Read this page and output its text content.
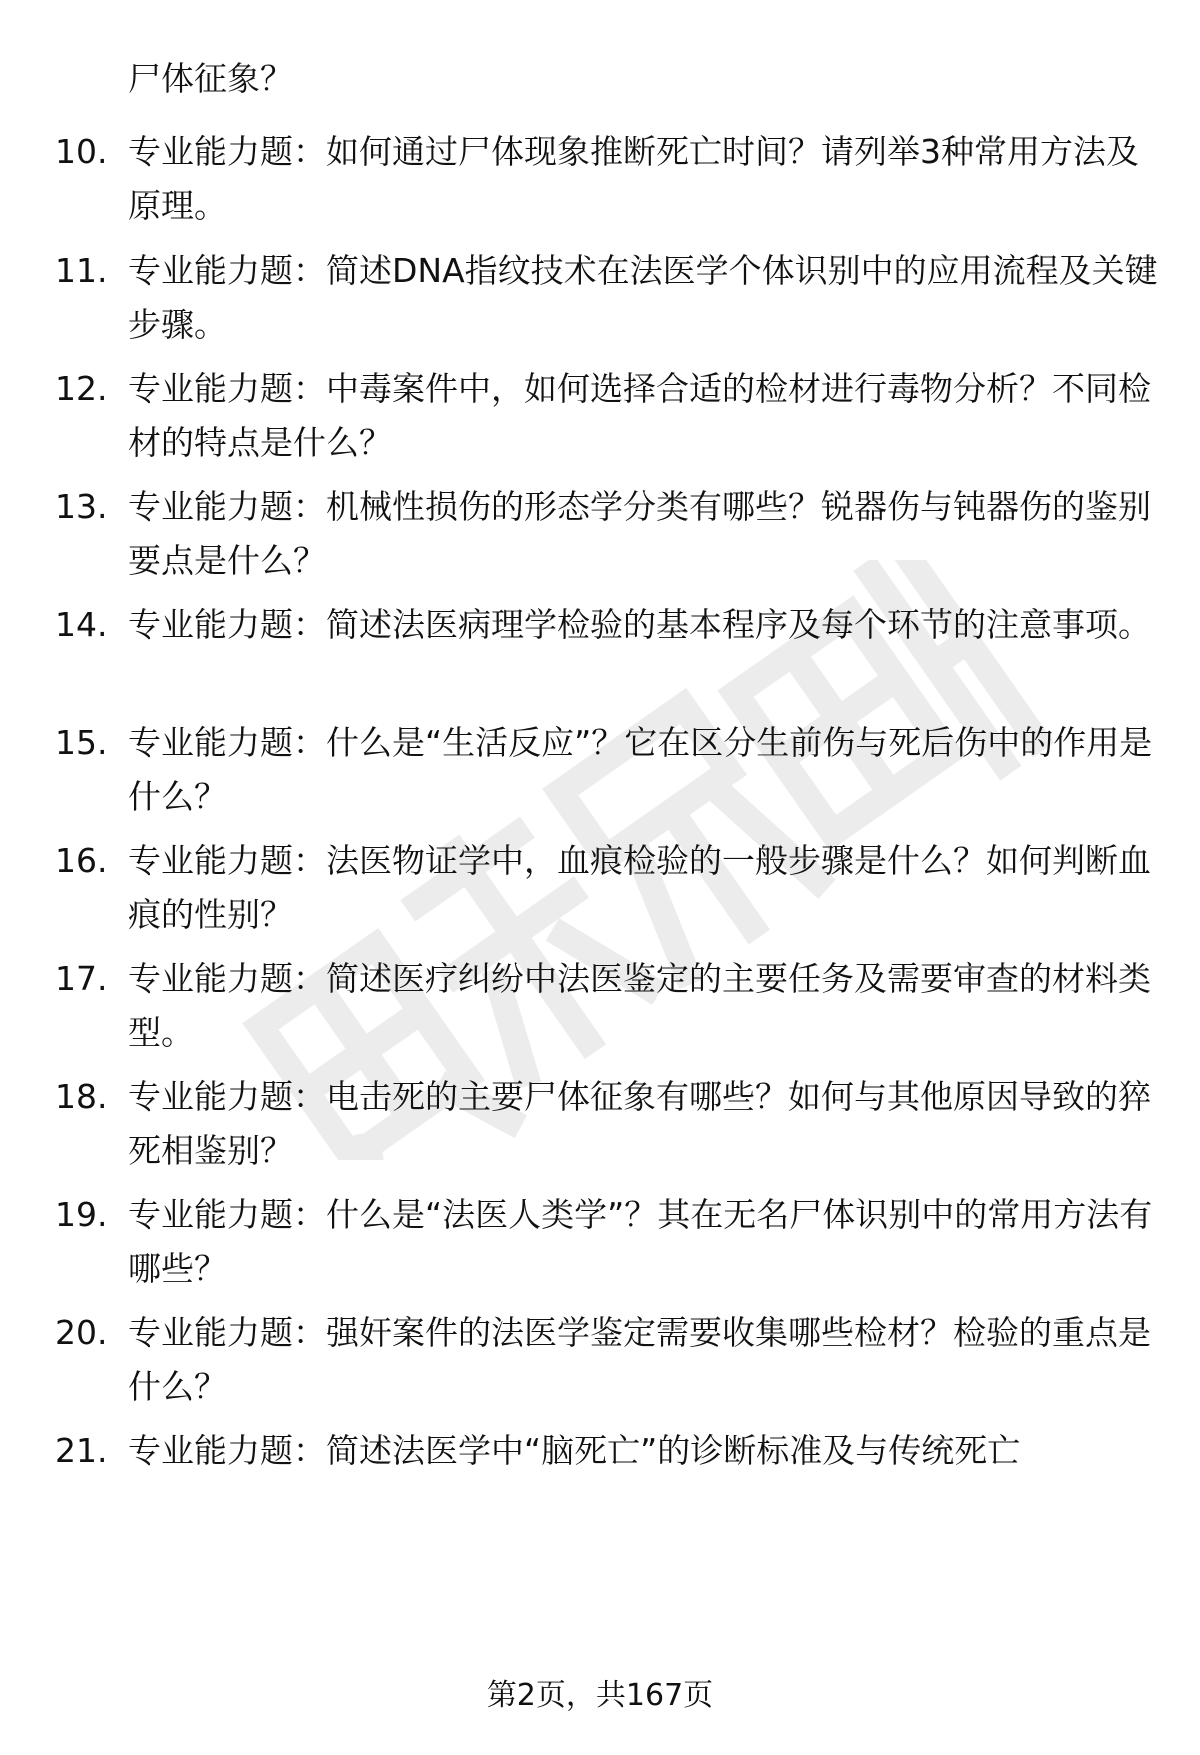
尸体征象？
10. 专业能力题：如何通过尸体现象推断死亡时间？请列举3种常用方法及原理。
11. 专业能力题：简述DNA指纹技术在法医学个体识别中的应用流程及关键步骤。
12. 专业能力题：中毒案件中，如何选择合适的检材进行毒物分析？不同检材的特点是什么？
13. 专业能力题：机械性损伤的形态学分类有哪些？锐器伤与钝器伤的鉴别要点是什么？
14. 专业能力题：简述法医病理学检验的基本程序及每个环节的注意事项。
15. 专业能力题：什么是“生活反应”？它在区分生前伤与死后伤中的作用是什么？
16. 专业能力题：法医物证学中，血痕检验的一般步骤是什么？如何判断血痕的性别？
17. 专业能力题：简述医疗纠纷中法医鉴定的主要任务及需要审查的材料类型。
18. 专业能力题：电击死的主要尸体征象有哪些？如何与其他原因导致的猝死相鉴别？
19. 专业能力题：什么是“法医人类学”？其在无名尸体识别中的常用方法有哪些？
20. 专业能力题：强奸案件的法医学鉴定需要收集哪些检材？检验的重点是什么？
21. 专业能力题：简述法医学中“脑死亡”的诊断标准及与传统死亡
第2页，共167页
